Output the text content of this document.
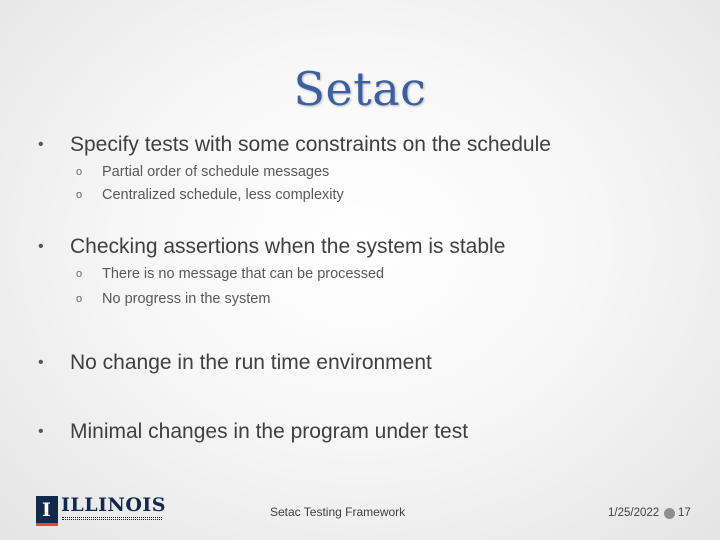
Setac
• Specify tests with some constraints on the schedule
o Partial order of schedule messages
o Centralized schedule, less complexity
• Checking assertions when the system is stable
o There is no message that can be processed
o No progress in the system
• No change in the run time environment
• Minimal changes in the program under test
I ILLINOIS	Setac Testing Framework	1/25/2022 17
